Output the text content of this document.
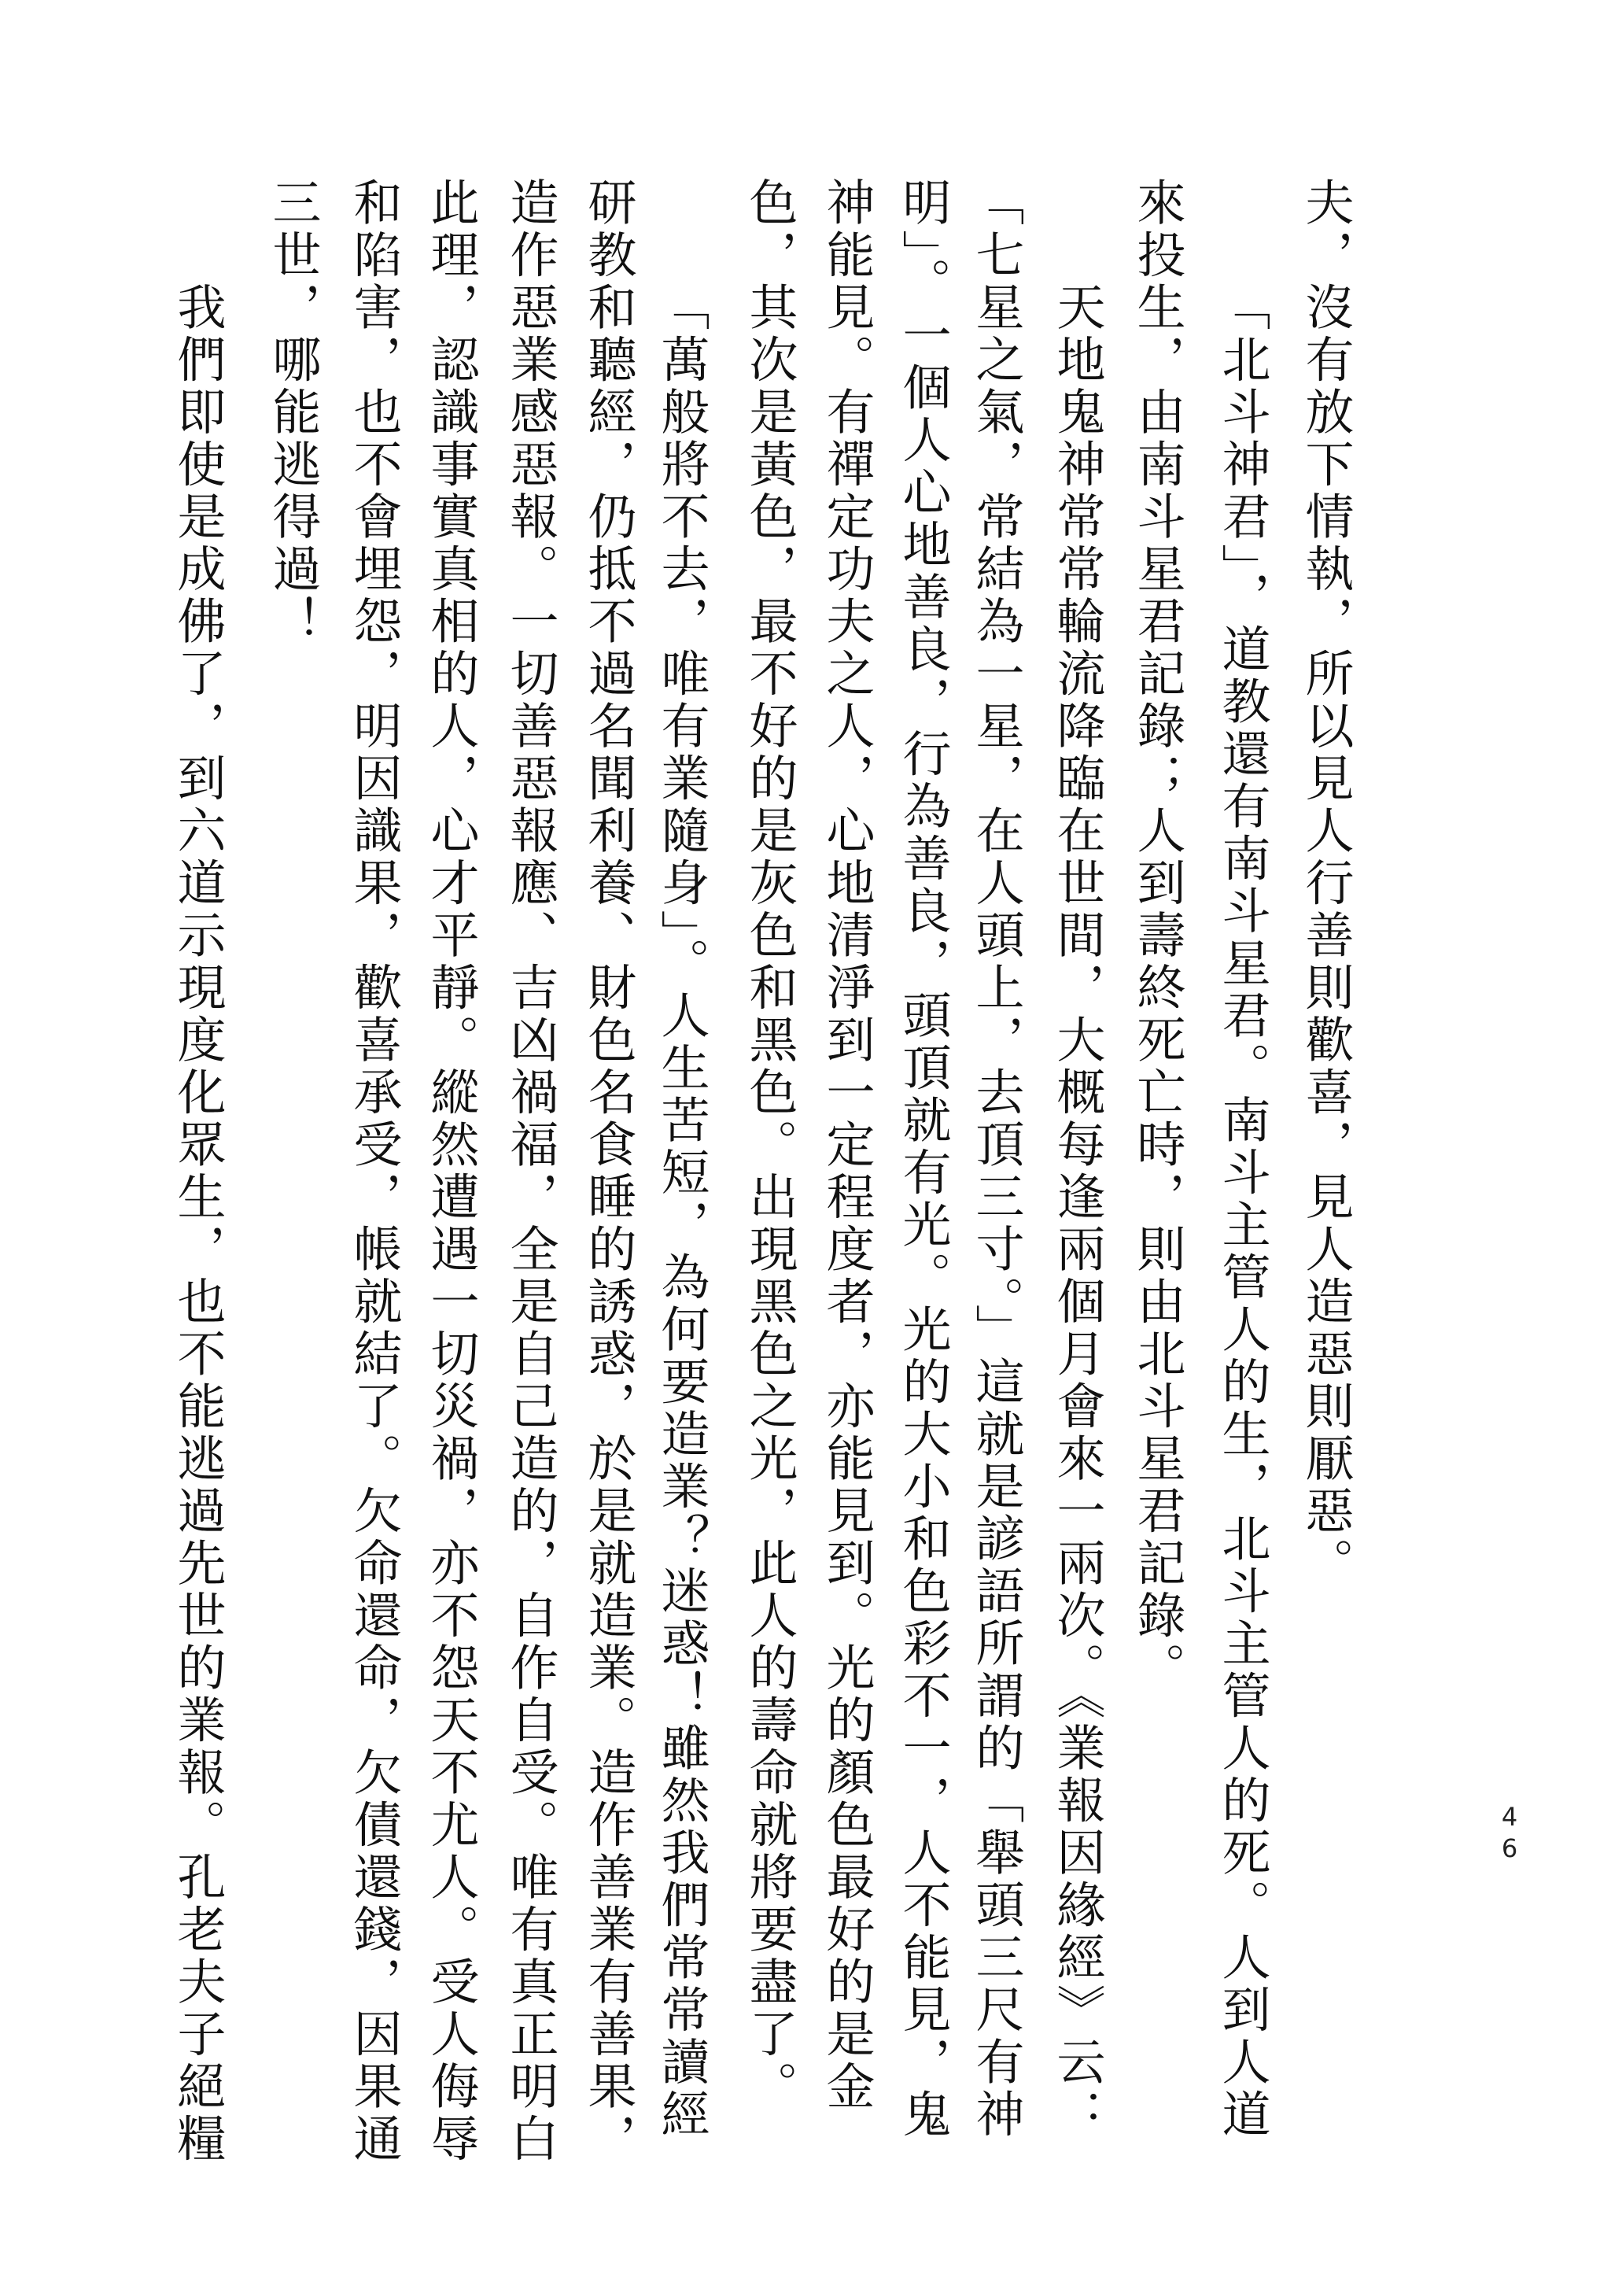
46
夫，沒有放下情執，所以見人行善則歡喜，見人造惡則厭惡。
「北斗神君」，道教還有南斗星君。南斗主管人的生，北斗主管人的死。人到人道
來投生，由南斗星君記錄；人到壽終死亡時，則由北斗星君記錄。
天地鬼神常常輪流降臨在世間，大概每逢兩個月會來一兩次。《業報因緣經》云：
「七星之氣，常結為一星，在人頭上，去頂三寸。」這就是諺語所謂的「舉頭三尺有神
明」。一個人心地善良，行為善良，頭頂就有光。光的大小和色彩不一，人不能見，鬼
神能見。有禪定功夫之人，心地清淨到一定程度者，亦能見到。光的顏色最好的是金
色，其次是黃色，最不好的是灰色和黑色。出現黑色之光，此人的壽命就將要盡了。
「萬般將不去，唯有業隨身」。人生苦短，為何要造業？迷惑！雖然我們常常讀經
研教和聽經，仍抵不過名聞利養、財色名食睡的誘惑，於是就造業。造作善業有善果，
造作惡業感惡報。一切善惡報應、吉凶禍福，全是自己造的，自作自受。唯有真正明白
此理，認識事實真相的人，心才平靜。縱然遭遇一切災禍，亦不怨天不尤人。受人侮辱
和陷害，也不會埋怨，明因識果，歡喜承受，帳就結了。欠命還命，欠債還錢，因果通
三世，哪能逃得過！
我們即使是成佛了，到六道示現度化眾生，也不能逃過先世的業報。孔老夫子絕糧
